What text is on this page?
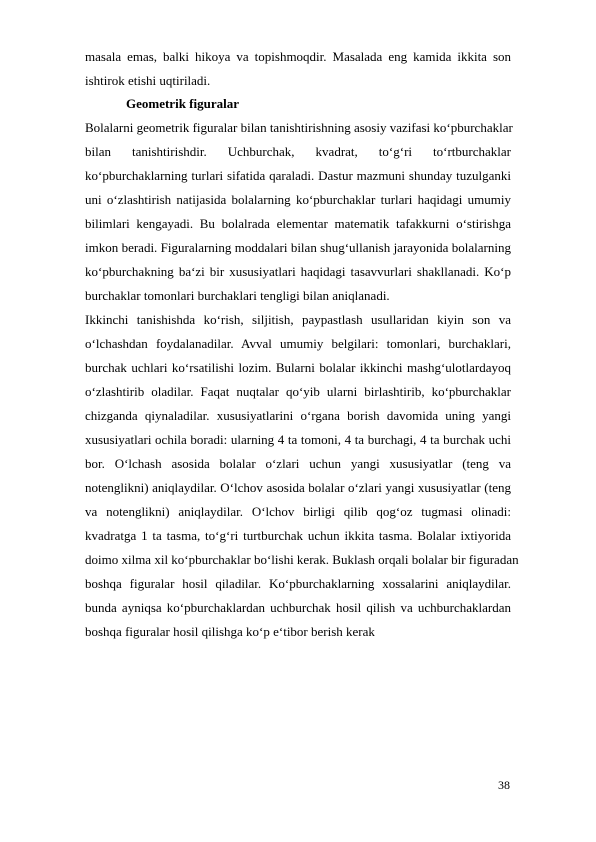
masala emas, balki hikoya va topishmoqdir. Masalada eng kamida ikkita son
ishtirok etishi uqtiriladi.
Geometrik figuralar
Bolalarni geometrik figuralar bilan tanishtirishning asosiy vazifasi ko‘pburchaklar
bilan tanishtirishdir. Uchburchak, kvadrat, to‘g‘ri to‘rtburchaklar
ko‘pburchaklarning turlari sifatida qaraladi. Dastur mazmuni shunday tuzulganki
uni o‘zlashtirish natijasida bolalarning ko‘pburchaklar turlari haqidagi umumiy
bilimlari kengayadi. Bu bolalrada elementar matematik tafakkurni o‘stirishga
imkon beradi. Figuralarning moddalari bilan shug‘ullanish jarayonida bolalarning
ko‘pburchakning ba‘zi bir xususiyatlari haqidagi tasavvurlari shakllanadi. Ko‘p
burchaklar tomonlari burchaklari tengligi bilan aniqlanadi.
Ikkinchi tanishishda ko‘rish, siljitish, paypastlash usullaridan kiyin son va
o‘lchashdan foydalanadilar. Avval umumiy belgilari: tomonlari, burchaklari,
burchak uchlari ko‘rsatilishi lozim. Bularni bolalar ikkinchi mashg‘ulotlardayoq
o‘zlashtirib oladilar. Faqat nuqtalar qo‘yib ularni birlashtirib, ko‘pburchaklar
chizganda qiynaladilar. xususiyatlarini o‘rgana borish davomida uning yangi
xususiyatlari ochila boradi: ularning 4 ta tomoni, 4 ta burchagi, 4 ta burchak uchi
bor. O‘lchash asosida bolalar o‘zlari uchun yangi xususiyatlar (teng va
notenglikni) aniqlaydilar. O‘lchov asosida bolalar o‘zlari yangi xususiyatlar (teng
va notenglikni) aniqlaydilar. O‘lchov birligi qilib qog‘oz tugmasi olinadi:
kvadratga 1 ta tasma, to‘g‘ri turtburchak uchun ikkita tasma. Bolalar ixtiyorida
doimo xilma xil ko‘pburchaklar bo‘lishi kerak. Buklash orqali bolalar bir figuradan
boshqa figuralar hosil qiladilar. Ko‘pburchaklarning xossalarini aniqlaydilar.
bunda ayniqsa ko‘pburchaklardan uchburchak hosil qilish va uchburchaklardan
boshqa figuralar hosil qilishga ko‘p e‘tibor berish kerak
38
